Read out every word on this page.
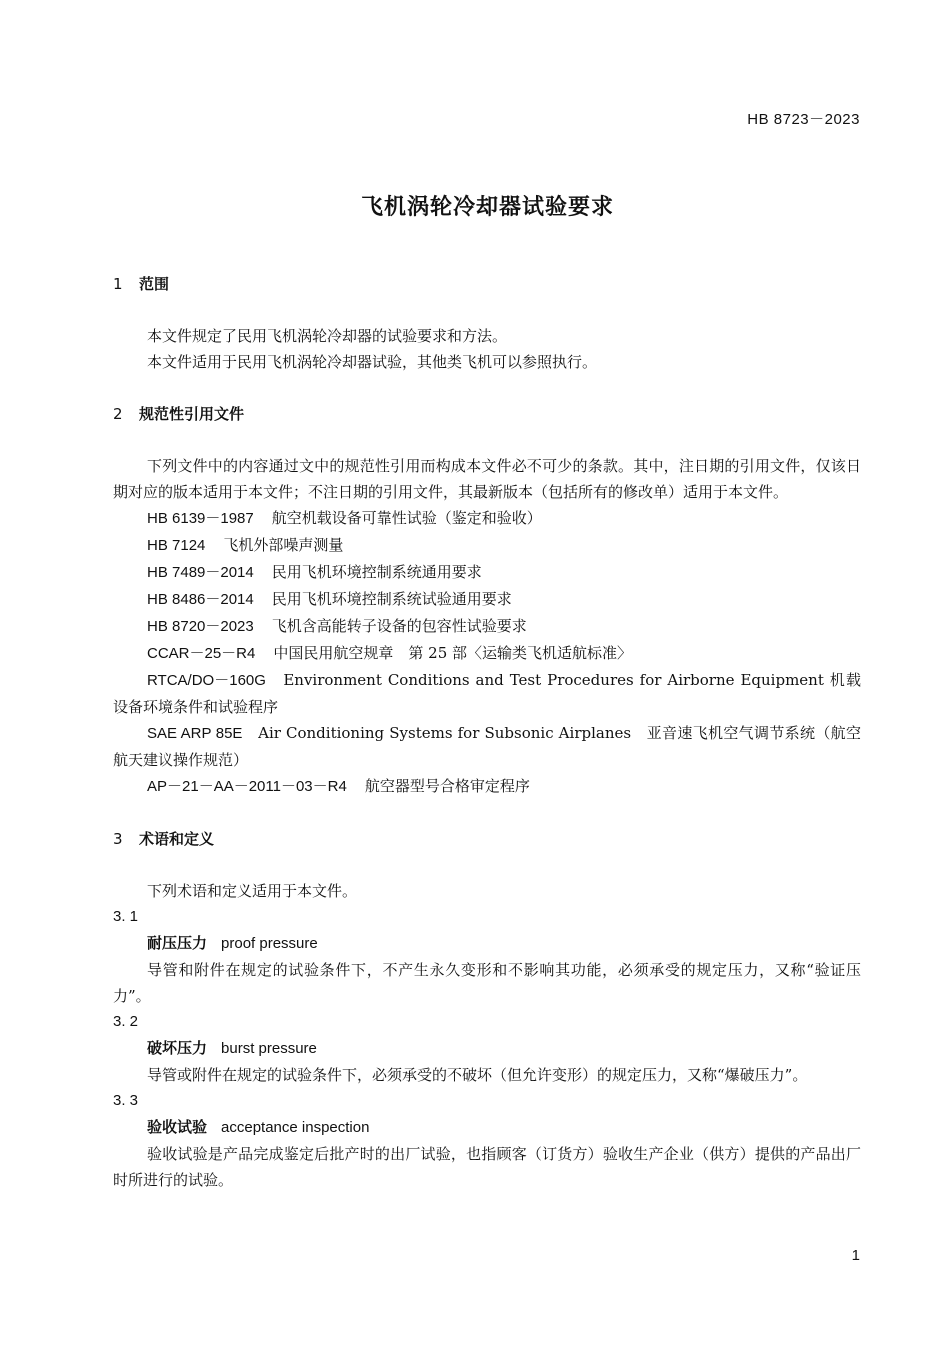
HB 8723－2023
飞机涡轮冷却器试验要求
1 范围

本文件规定了民用飞机涡轮冷却器的试验要求和方法。

本文件适用于民用飞机涡轮冷却器试验，其他类飞机可以参照执行。

2 规范性引用文件

下列文件中的内容通过文中的规范性引用而构成本文件必不可少的条款。其中，注日期的引用文件，仅该日期对应的版本适用于本文件；不注日期的引用文件，其最新版本（包括所有的修改单）适用于本文件。

HB 6139－1987 航空机载设备可靠性试验（鉴定和验收）

HB 7124 飞机外部噪声测量

HB 7489－2014 民用飞机环境控制系统通用要求

HB 8486－2014 民用飞机环境控制系统试验通用要求

HB 8720－2023 飞机含高能转子设备的包容性试验要求

CCAR－25－R4 中国民用航空规章　第 25 部〈运输类飞机适航标准〉

RTCA/DO－160G　 Environment Conditions and Test Procedures for Airborne Equipment 机载设备环境条件和试验程序

SAE ARP 85E　 Air Conditioning Systems for Subsonic Airplanes　亚音速飞机空气调节系统（航空航天建议操作规范）

AP－21－AA－2011－03－R4 航空器型号合格审定程序

3 术语和定义

下列术语和定义适用于本文件。

3. 1

耐压压力 proof pressure

导管和附件在规定的试验条件下，不产生永久变形和不影响其功能，必须承受的规定压力，又称“验证压力”。

3. 2

破坏压力 burst pressure

导管或附件在规定的试验条件下，必须承受的不破坏（但允许变形）的规定压力，又称“爆破压力”。

3. 3

验收试验 acceptance inspection

验收试验是产品完成鉴定后批产时的出厂试验，也指顾客（订货方）验收生产企业（供方）提供的产品出厂时所进行的试验。

1
